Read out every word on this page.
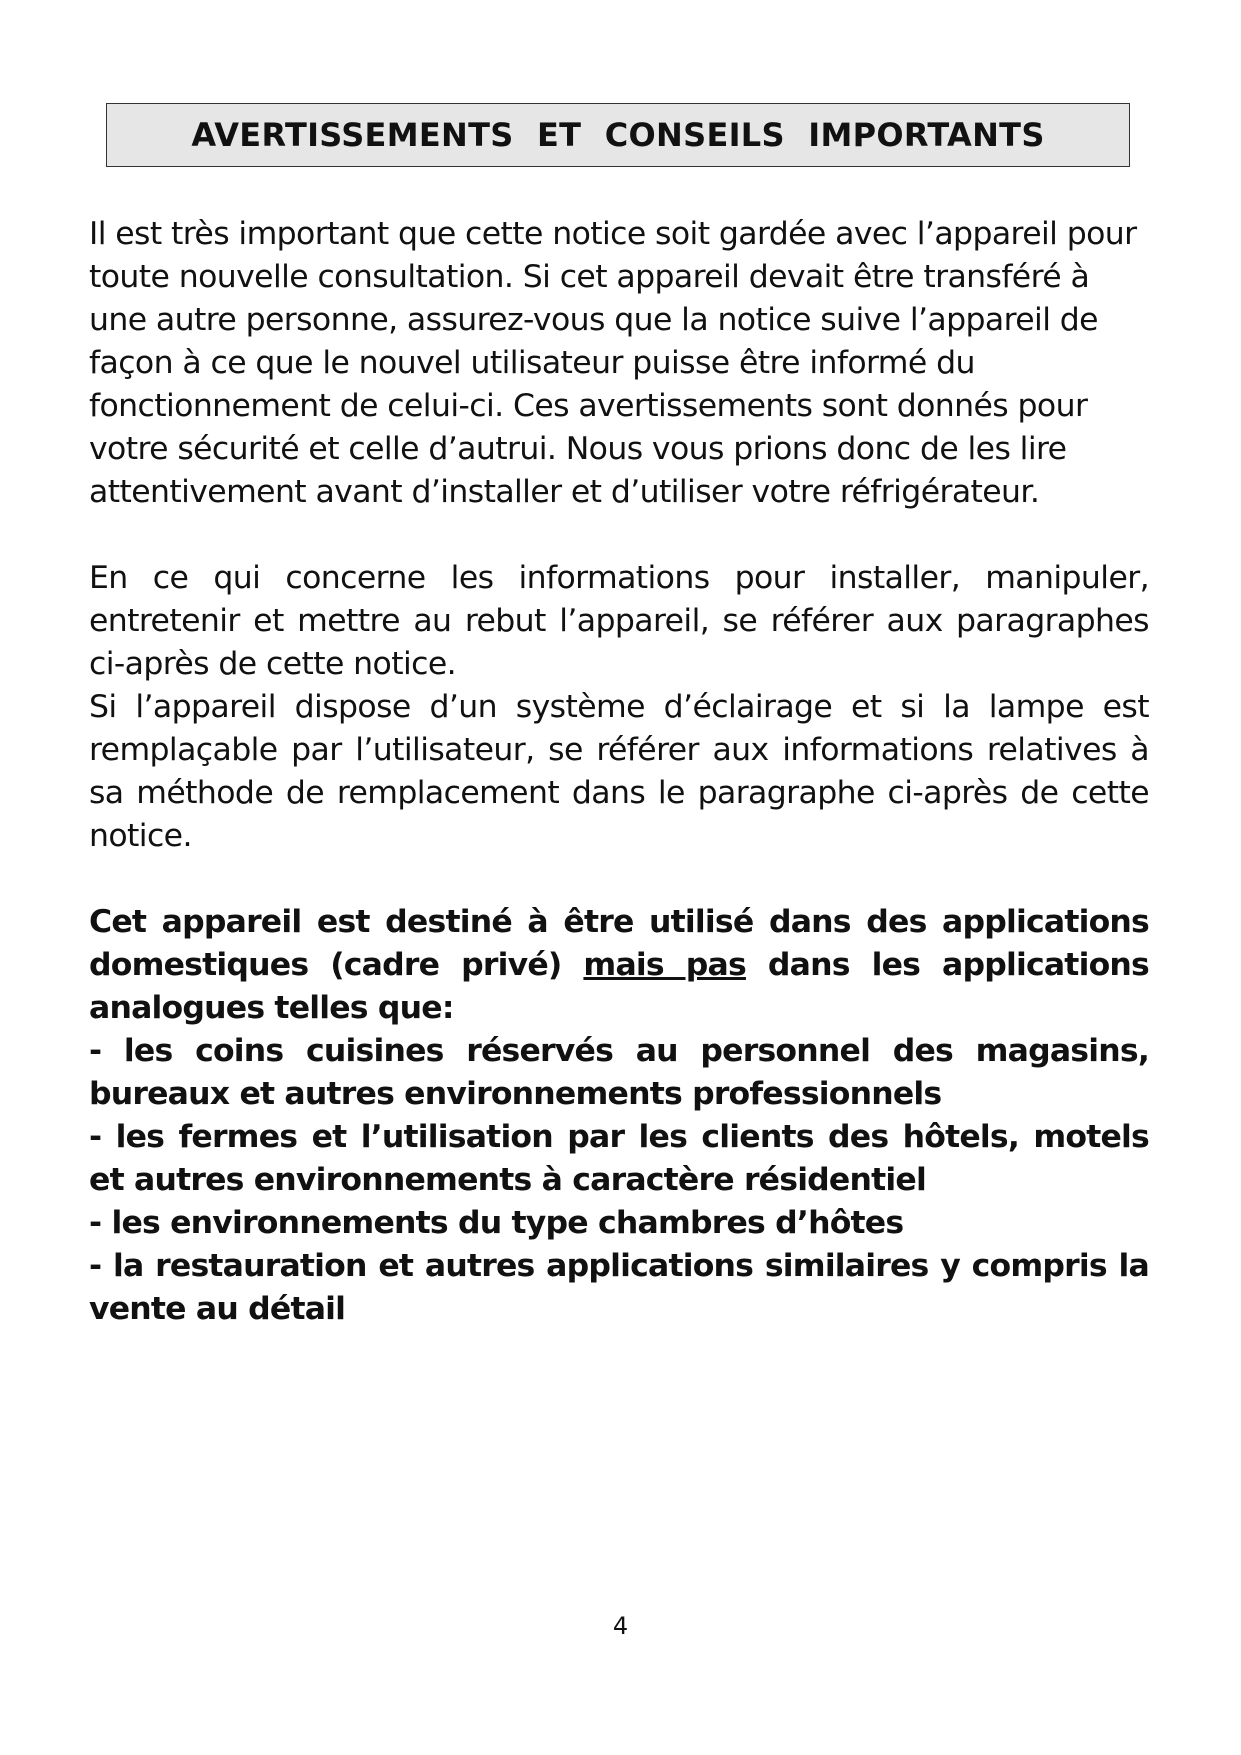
AVERTISSEMENTS ET CONSEILS IMPORTANTS

Il est très important que cette notice soit gardée avec l’appareil pour toute nouvelle consultation. Si cet appareil devait être transféré à une autre personne, assurez-vous que la notice suive l’appareil de façon à ce que le nouvel utilisateur puisse être informé du fonctionnement de celui-ci. Ces avertissements sont donnés pour votre sécurité et celle d’autrui. Nous vous prions donc de les lire attentivement avant d’installer et d’utiliser votre réfrigérateur.

En ce qui concerne les informations pour installer, manipuler, entretenir et mettre au rebut l’appareil, se référer aux paragraphes ci-après de cette notice.

Si l’appareil dispose d’un système d’éclairage et si la lampe est remplaçable par l’utilisateur, se référer aux informations relatives à sa méthode de remplacement dans le paragraphe ci-après de cette notice.

Cet appareil est destiné à être utilisé dans des applications domestiques (cadre privé) mais pas dans les applications analogues telles que:

- les coins cuisines réservés au personnel des magasins, bureaux et autres environnements professionnels

- les fermes et l’utilisation par les clients des hôtels, motels et autres environnements à caractère résidentiel

- les environnements du type chambres d’hôtes

- la restauration et autres applications similaires y compris la vente au détail

4
